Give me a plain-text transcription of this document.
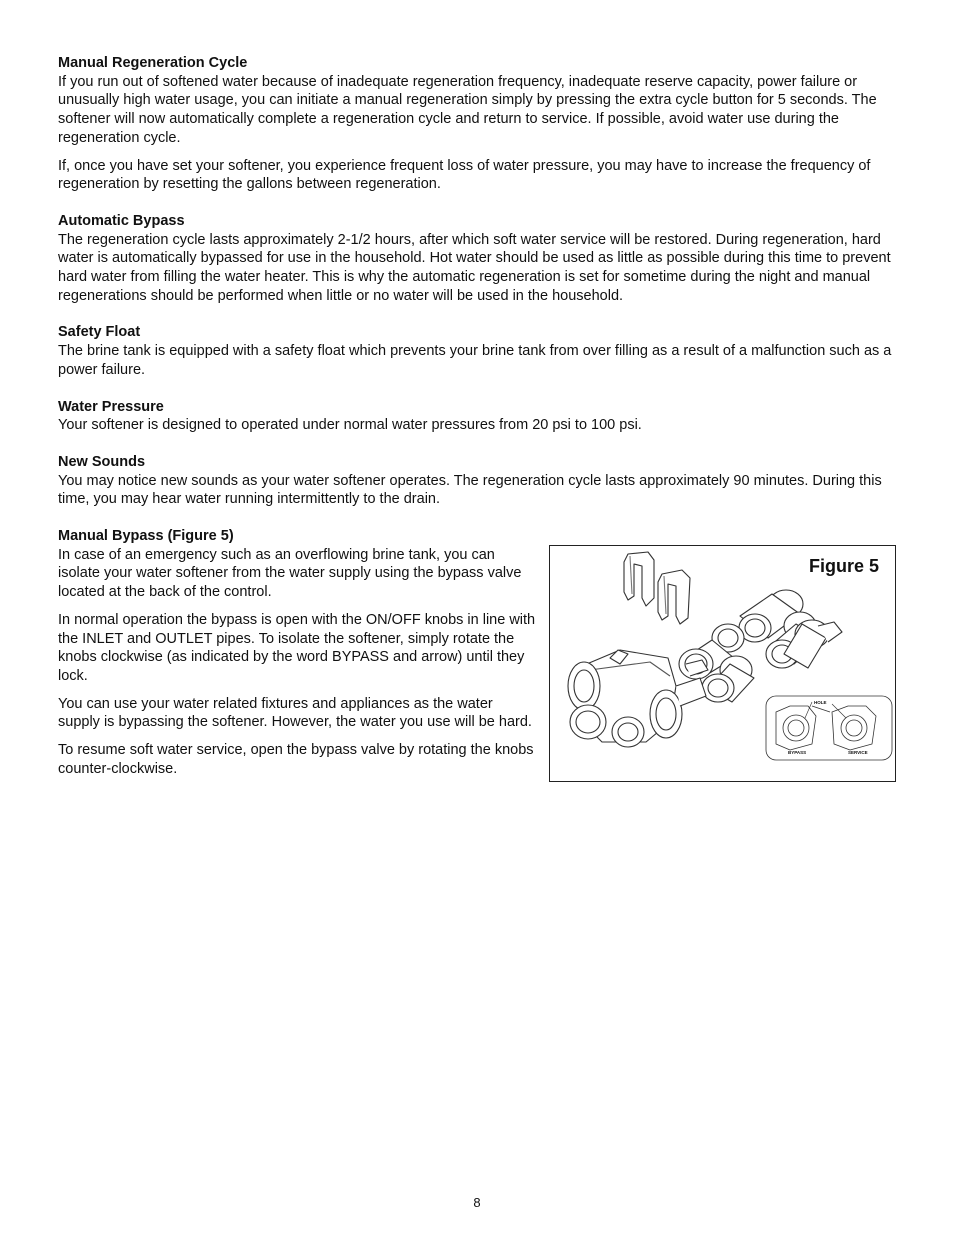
Manual Regeneration Cycle

If you run out of softened water because of inadequate regeneration frequency, inadequate reserve capacity, power failure or unusually high water usage, you can initiate a manual regeneration simply by pressing the extra cycle button for 5 seconds. The softener will now automatically complete a regeneration cycle and return to service. If possible, avoid water use during the regeneration cycle.

If, once you have set your softener, you experience frequent loss of water pressure, you may have to increase the frequency of regeneration by resetting the gallons between regeneration.

Automatic Bypass

The regeneration cycle lasts approximately 2-1/2 hours, after which soft water service will be restored. During regeneration, hard water is automatically bypassed for use in the household. Hot water should be used as little as possible during this time to prevent hard water from filling the water heater. This is why the automatic regeneration is set for sometime during the night and manual regenerations should be performed when little or no water will be used in the household.

Safety Float

The brine tank is equipped with a safety float which prevents your brine tank from over filling as a result of a malfunction such as a power failure.

Water Pressure

Your softener is designed to operated under normal water pressures from 20 psi to 100 psi.

New Sounds

You may notice new sounds as your water softener operates. The regeneration cycle lasts approximately 90 minutes. During this time, you may hear water running intermittently to the drain.

Manual Bypass (Figure 5)

In case of an emergency such as an overflowing brine tank, you can isolate your water softener from the water supply using the bypass valve located at the back of the control.

In normal operation the bypass is open with the ON/OFF knobs in line with the INLET and OUTLET pipes. To isolate the softener, simply rotate the knobs clockwise (as indicated by the word BYPASS and arrow) until they lock.

You can use your water related fixtures and appliances as the water supply is bypassing the softener. However, the water you use will be hard.

To resume soft water service, open the bypass valve by rotating the knobs counter-clockwise.

HOLE
BYPASS	SERVICE
Figure 5
8
